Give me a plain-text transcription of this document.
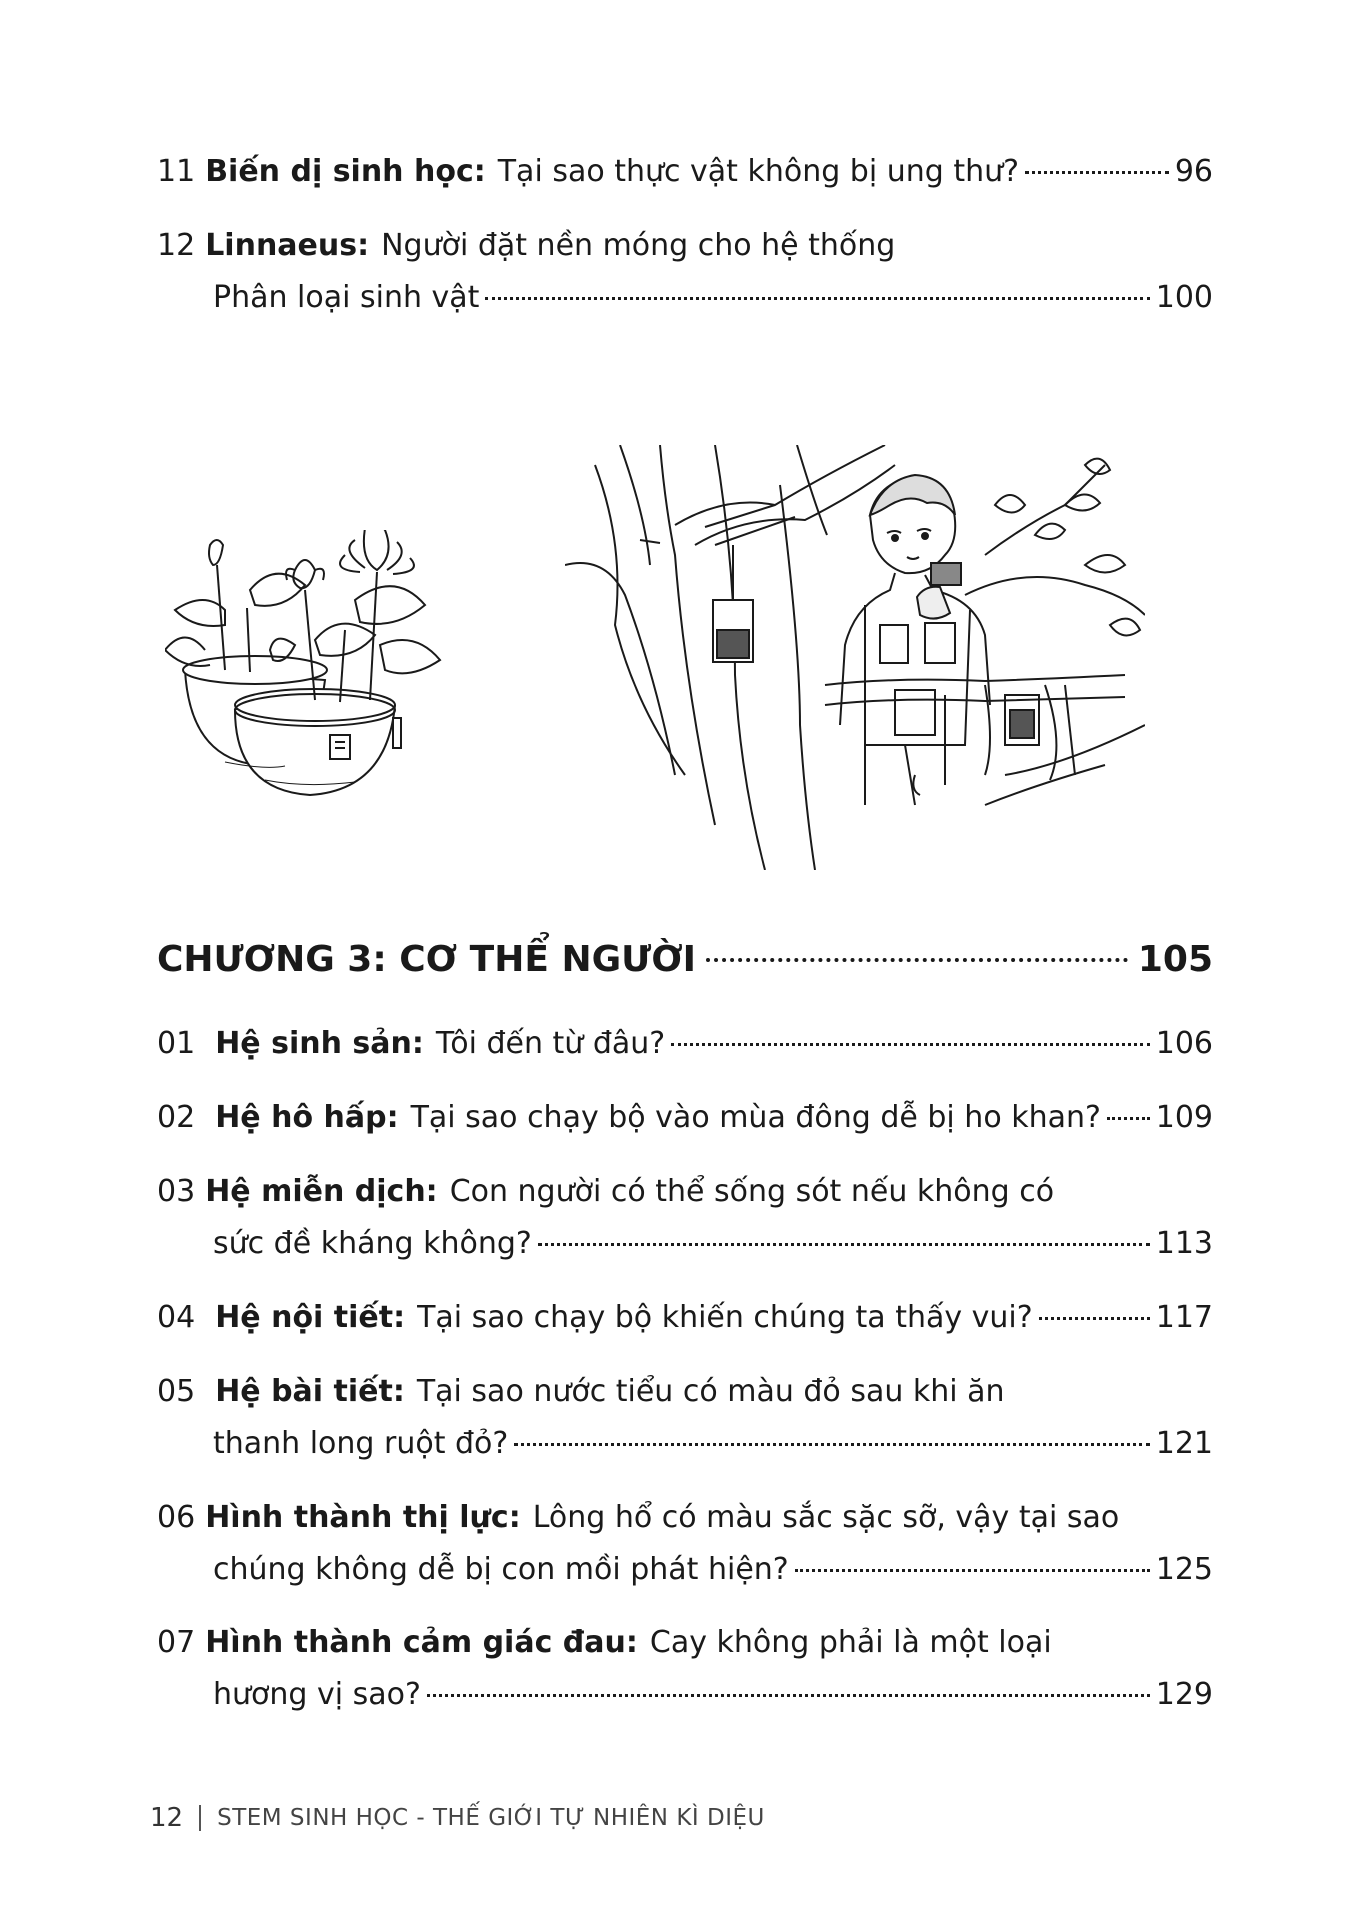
11 Biến dị sinh học: Tại sao thực vật không bị ung thư?	96
12 Linnaeus: Người đặt nền móng cho hệ thống
Phân loại sinh vật	100
CHƯƠNG 3: CƠ THỂ NGƯỜI	105
01 Hệ sinh sản: Tôi đến từ đâu?	106
02 Hệ hô hấp: Tại sao chạy bộ vào mùa đông dễ bị ho khan? 109
03 Hệ miễn dịch: Con người có thể sống sót nếu không có
sức đề kháng không?	113
04 Hệ nội tiết: Tại sao chạy bộ khiến chúng ta thấy vui?	117
05 Hệ bài tiết: Tại sao nước tiểu có màu đỏ sau khi ăn
thanh long ruột đỏ?	121
06 Hình thành thị lực: Lông hổ có màu sắc sặc sỡ, vậy tại sao
chúng không dễ bị con mồi phát hiện?	125
07 Hình thành cảm giác đau: Cay không phải là một loại
hương vị sao?	129
12 STEM SINH HỌC - THẾ GIỚI TỰ NHIÊN KÌ DIỆU
